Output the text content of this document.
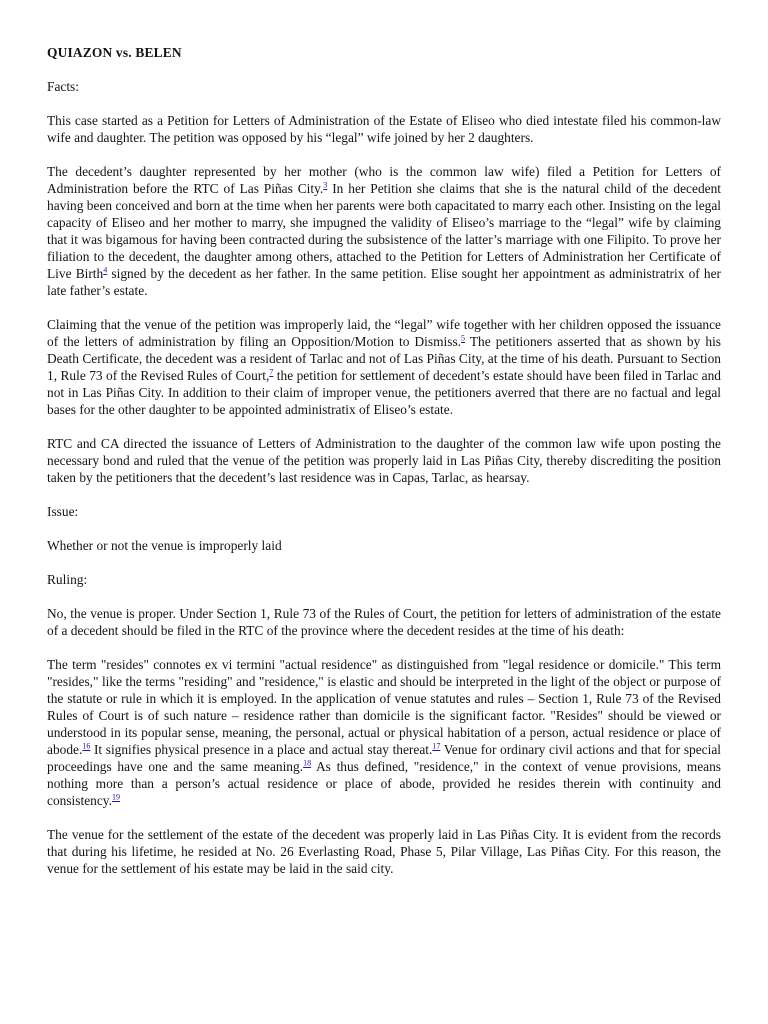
QUIAZON vs. BELEN

Facts:

This case started as a Petition for Letters of Administration of the Estate of Eliseo who died intestate filed his common-law wife and daughter. The petition was opposed by his “legal” wife joined by her 2 daughters.

The decedent’s daughter represented by her mother (who is the common law wife) filed a Petition for Letters of Administration before the RTC of Las Piñas City.$^3$ In her Petition she claims that she is the natural child of the decedent having been conceived and born at the time when her parents were both capacitated to marry each other. Insisting on the legal capacity of Eliseo and her mother to marry, she impugned the validity of Eliseo’s marriage to the “legal” wife by claiming that it was bigamous for having been contracted during the subsistence of the latter’s marriage with one Filipito. To prove her filiation to the decedent, the daughter among others, attached to the Petition for Letters of Administration her Certificate of Live Birth$^4$ signed by the decedent as her father. In the same petition. Elise sought her appointment as administratrix of her late father’s estate.

Claiming that the venue of the petition was improperly laid, the “legal” wife together with her children opposed the issuance of the letters of administration by filing an Opposition/Motion to Dismiss.$^5$ The petitioners asserted that as shown by his Death Certificate, the decedent was a resident of Tarlac and not of Las Piñas City, at the time of his death. Pursuant to Section 1, Rule 73 of the Revised Rules of Court,$^7$ the petition for settlement of decedent’s estate should have been filed in Tarlac and not in Las Piñas City. In addition to their claim of improper venue, the petitioners averred that there are no factual and legal bases for the other daughter to be appointed administratix of Eliseo’s estate.

RTC and CA directed the issuance of Letters of Administration to the daughter of the common law wife upon posting the necessary bond and ruled that the venue of the petition was properly laid in Las Piñas City, thereby discrediting the position taken by the petitioners that the decedent’s last residence was in Capas, Tarlac, as hearsay.

Issue:

Whether or not the venue is improperly laid

Ruling:

No, the venue is proper. Under Section 1, Rule 73 of the Rules of Court, the petition for letters of administration of the estate of a decedent should be filed in the RTC of the province where the decedent resides at the time of his death:

The term "resides" connotes ex vi termini "actual residence" as distinguished from "legal residence or domicile." This term "resides," like the terms "residing" and "residence," is elastic and should be interpreted in the light of the object or purpose of the statute or rule in which it is employed. In the application of venue statutes and rules – Section 1, Rule 73 of the Revised Rules of Court is of such nature – residence rather than domicile is the significant factor. "Resides" should be viewed or understood in its popular sense, meaning, the personal, actual or physical habitation of a person, actual residence or place of abode.$^{16}$ It signifies physical presence in a place and actual stay thereat.$^{17}$ Venue for ordinary civil actions and that for special proceedings have one and the same meaning.$^{18}$ As thus defined, "residence," in the context of venue provisions, means nothing more than a person’s actual residence or place of abode, provided he resides therein with continuity and consistency.$^{19}$

The venue for the settlement of the estate of the decedent was properly laid in Las Piñas City. It is evident from the records that during his lifetime, he resided at No. 26 Everlasting Road, Phase 5, Pilar Village, Las Piñas City. For this reason, the venue for the settlement of his estate may be laid in the said city.
